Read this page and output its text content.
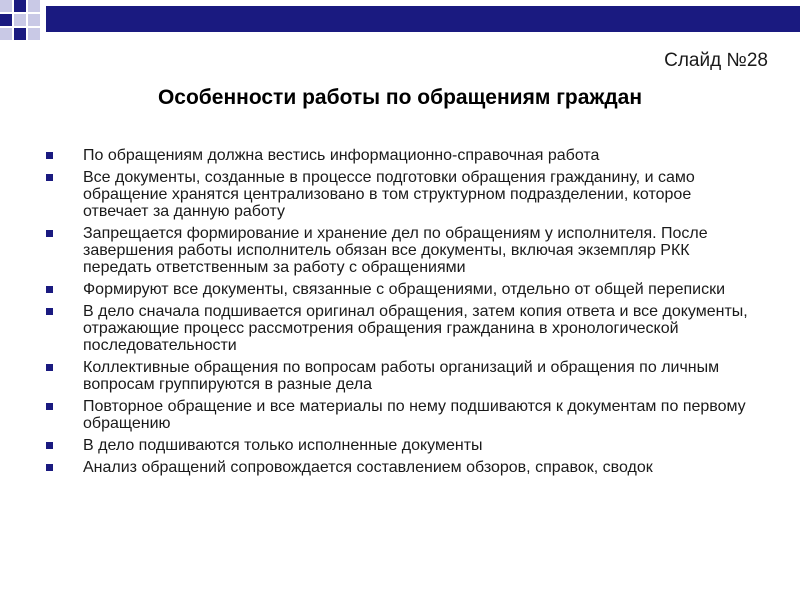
Слайд №28
Особенности работы по обращениям граждан
По обращениям должна вестись информационно-справочная работа
Все документы, созданные в процессе подготовки обращения гражданину, и само обращение хранятся централизовано в том структурном подразделении, которое отвечает за данную работу
Запрещается формирование и хранение дел по обращениям у исполнителя. После завершения работы исполнитель обязан все документы, включая экземпляр РКК передать ответственным за работу с обращениями
Формируют все документы, связанные с обращениями, отдельно от общей переписки
В дело сначала подшивается оригинал обращения, затем копия ответа и все документы, отражающие процесс рассмотрения обращения гражданина в хронологической последовательности
Коллективные обращения по вопросам работы организаций и обращения по личным вопросам группируются в разные дела
Повторное обращение и все материалы по нему подшиваются к документам по первому обращению
В дело подшиваются только исполненные документы
Анализ обращений сопровождается составлением обзоров, справок, сводок
